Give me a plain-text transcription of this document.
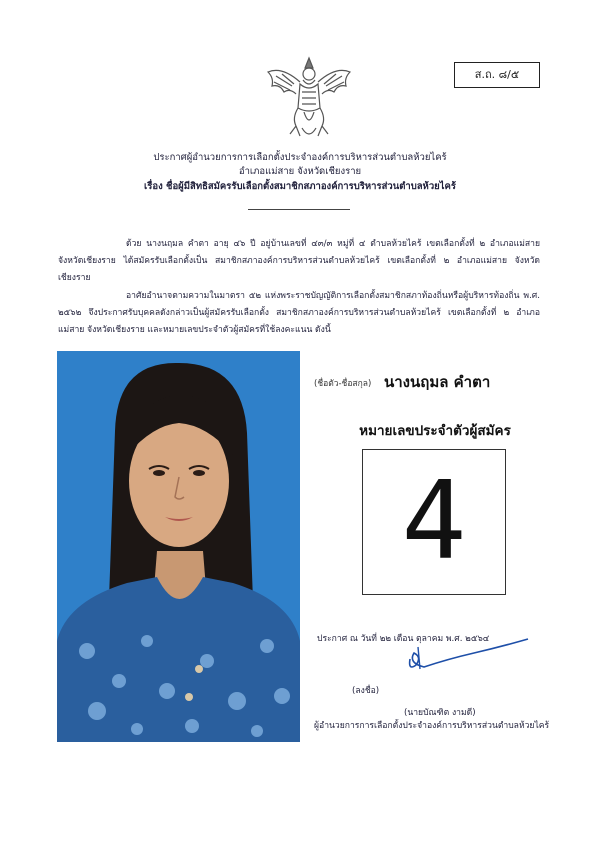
ส.ถ. ๘/๕
ประกาศผู้อำนวยการการเลือกตั้งประจำองค์การบริหารส่วนตำบลห้วยไคร้
อำเภอแม่สาย จังหวัดเชียงราย
เรื่อง ชื่อผู้มีสิทธิสมัครรับเลือกตั้งสมาชิกสภาองค์การบริหารส่วนตำบลห้วยไคร้
ด้วย นางนฤมล คำตา อายุ ๔๖ ปี อยู่บ้านเลขที่ ๔๓/๓ หมู่ที่ ๔ ตำบลห้วยไคร้ เขตเลือกตั้งที่ ๒ อำเภอแม่สาย จังหวัดเชียงราย ได้สมัครรับเลือกตั้งเป็น สมาชิกสภาองค์การบริหารส่วนตำบลห้วยไคร้ เขตเลือกตั้งที่ ๒ อำเภอแม่สาย จังหวัดเชียงราย
อาศัยอำนาจตามความในมาตรา ๕๒ แห่งพระราชบัญญัติการเลือกตั้งสมาชิกสภาท้องถิ่นหรือผู้บริหารท้องถิ่น พ.ศ. ๒๕๖๒ จึงประกาศรับบุคคลดังกล่าวเป็นผู้สมัครรับเลือกตั้ง สมาชิกสภาองค์การบริหารส่วนตำบลห้วยไคร้ เขตเลือกตั้งที่ ๒ อำเภอแม่สาย จังหวัดเชียงราย และหมายเลขประจำตัวผู้สมัครที่ใช้ลงคะแนน ดังนี้
(ชื่อตัว-ชื่อสกุล) นางนฤมล คำตา
หมายเลขประจำตัวผู้สมัคร
4
ประกาศ ณ วันที่ ๒๒ เดือน ตุลาคม พ.ศ. ๒๕๖๔
(ลงชื่อ)
(นายบัณฑิต งามดี)
ผู้อำนวยการการเลือกตั้งประจำองค์การบริหารส่วนตำบลห้วยไคร้
